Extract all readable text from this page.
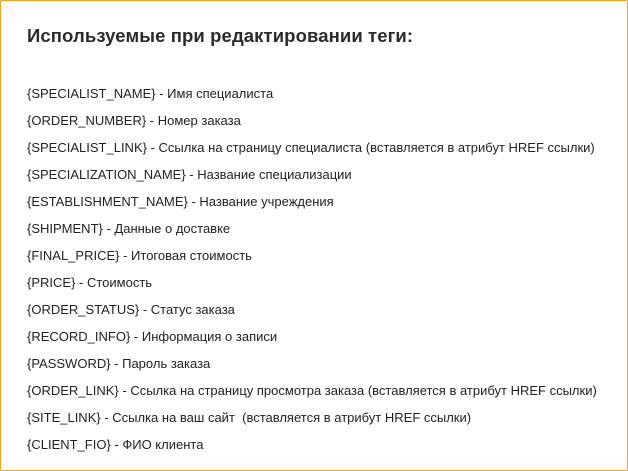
Используемые при редактировании теги:
{SPECIALIST_NAME} - Имя специалиста
{ORDER_NUMBER} - Номер заказа
{SPECIALIST_LINK} - Ссылка на страницу специалиста (вставляется в атрибут HREF ссылки)
{SPECIALIZATION_NAME} - Название специализации
{ESTABLISHMENT_NAME} - Название учреждения
{SHIPMENT} - Данные о доставке
{FINAL_PRICE} - Итоговая стоимость
{PRICE} - Стоимость
{ORDER_STATUS} - Статус заказа
{RECORD_INFO} - Информация о записи
{PASSWORD} - Пароль заказа
{ORDER_LINK} - Ссылка на страницу просмотра заказа (вставляется в атрибут HREF ссылки)
{SITE_LINK} - Ссылка на ваш сайт  (вставляется в атрибут HREF ссылки)
{CLIENT_FIO} - ФИО клиента
